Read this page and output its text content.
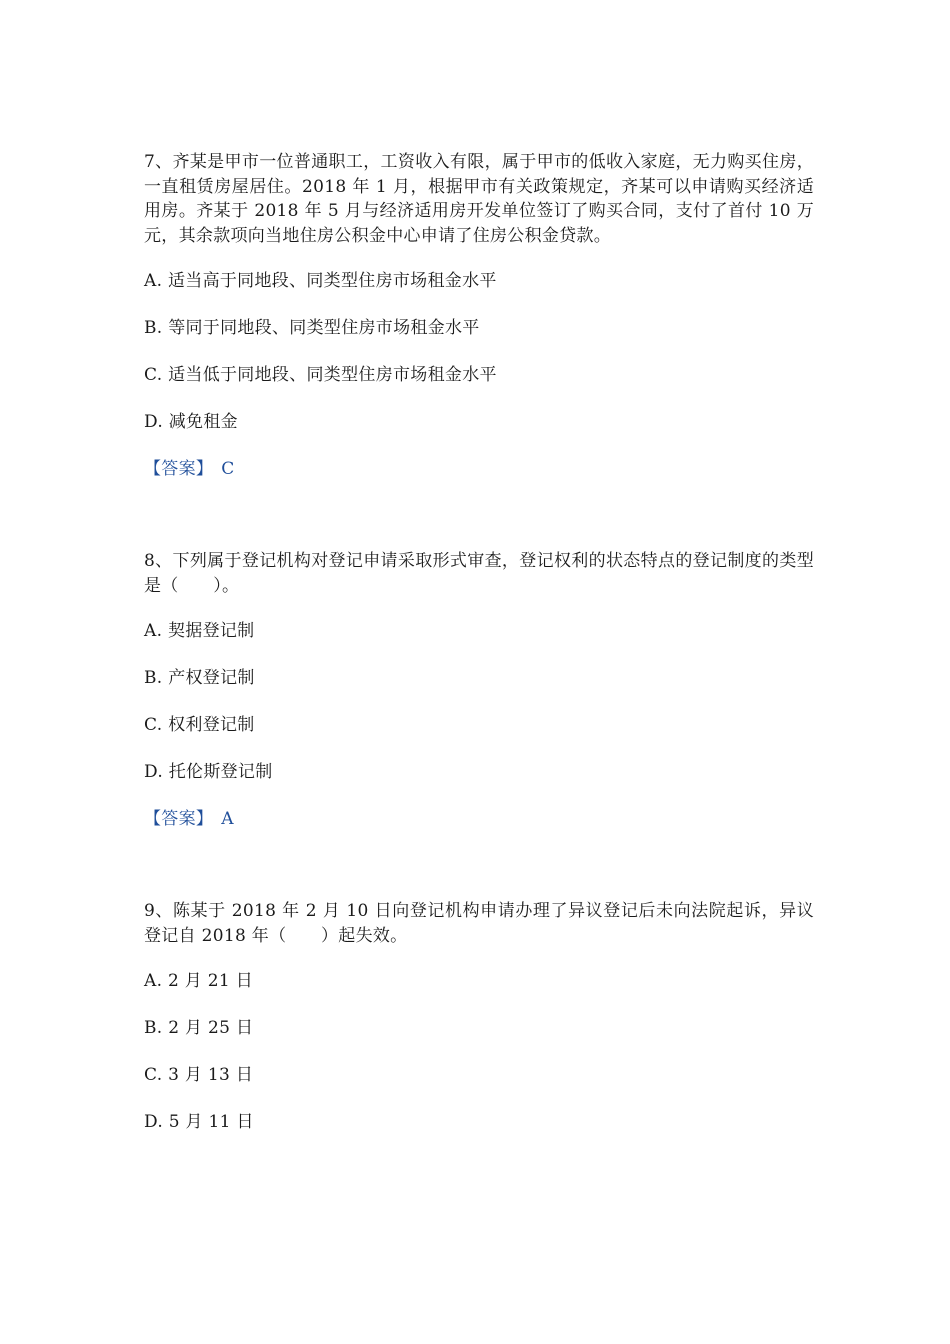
7、齐某是甲市一位普通职工，工资收入有限，属于甲市的低收入家庭，无力购买住房，一直租赁房屋居住。2018 年 1 月，根据甲市有关政策规定，齐某可以申请购买经济适用房。齐某于 2018 年 5 月与经济适用房开发单位签订了购买合同，支付了首付 10 万元，其余款项向当地住房公积金中心申请了住房公积金贷款。

A. 适当高于同地段、同类型住房市场租金水平

B. 等同于同地段、同类型住房市场租金水平

C. 适当低于同地段、同类型住房市场租金水平

D. 减免租金

【答案】 C

8、下列属于登记机构对登记申请采取形式审查，登记权利的状态特点的登记制度的类型是（　　）。

A. 契据登记制

B. 产权登记制

C. 权利登记制

D. 托伦斯登记制

【答案】 A

9、陈某于 2018 年 2 月 10 日向登记机构申请办理了异议登记后未向法院起诉，异议登记自 2018 年（　　）起失效。

A. 2 月 21 日

B. 2 月 25 日

C. 3 月 13 日

D. 5 月 11 日
